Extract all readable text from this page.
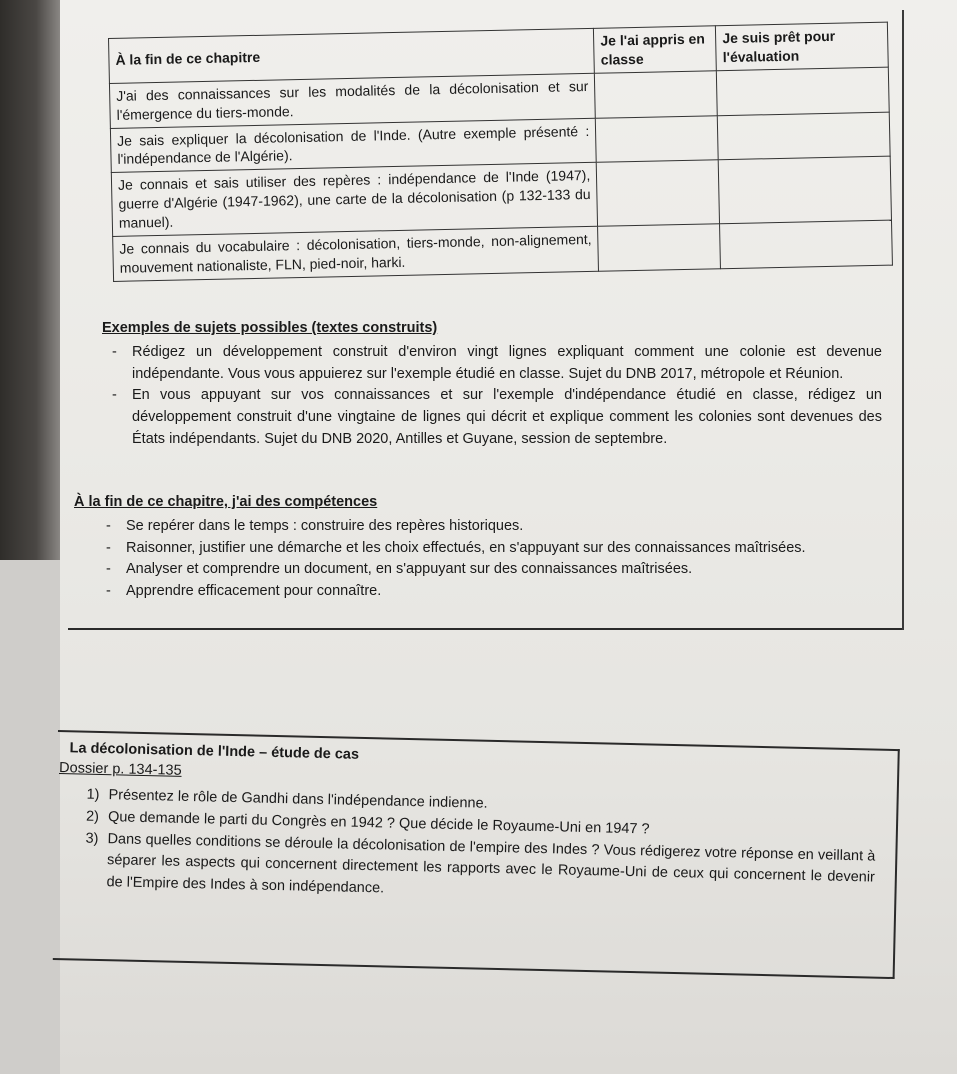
À la fin de ce chapitre	Je l'ai appris en classe	Je suis prêt pour l'évaluation
J'ai des connaissances sur les modalités de la décolonisation et sur l'émergence du tiers-monde.		
Je sais expliquer la décolonisation de l'Inde. (Autre exemple présenté : l'indépendance de l'Algérie).		
Je connais et sais utiliser des repères : indépendance de l'Inde (1947), guerre d'Algérie (1947-1962), une carte de la décolonisation (p 132-133 du manuel).		
Je connais du vocabulaire : décolonisation, tiers-monde, non-alignement, mouvement nationaliste, FLN, pied-noir, harki.		
Exemples de sujets possibles (textes construits)
- Rédigez un développement construit d'environ vingt lignes expliquant comment une colonie est devenue indépendante. Vous vous appuierez sur l'exemple étudié en classe. Sujet du DNB 2017, métropole et Réunion.
- En vous appuyant sur vos connaissances et sur l'exemple d'indépendance étudié en classe, rédigez un développement construit d'une vingtaine de lignes qui décrit et explique comment les colonies sont devenues des États indépendants. Sujet du DNB 2020, Antilles et Guyane, session de septembre.
À la fin de ce chapitre, j'ai des compétences
- Se repérer dans le temps : construire des repères historiques.
- Raisonner, justifier une démarche et les choix effectués, en s'appuyant sur des connaissances maîtrisées.
- Analyser et comprendre un document, en s'appuyant sur des connaissances maîtrisées.
- Apprendre efficacement pour connaître.
La décolonisation de l'Inde – étude de cas
Dossier p. 134-135
1) Présentez le rôle de Gandhi dans l'indépendance indienne.
2) Que demande le parti du Congrès en 1942 ? Que décide le Royaume-Uni en 1947 ?
3) Dans quelles conditions se déroule la décolonisation de l'empire des Indes ? Vous rédigerez votre réponse en veillant à séparer les aspects qui concernent directement les rapports avec le Royaume-Uni de ceux qui concernent le devenir de l'Empire des Indes à son indépendance.
